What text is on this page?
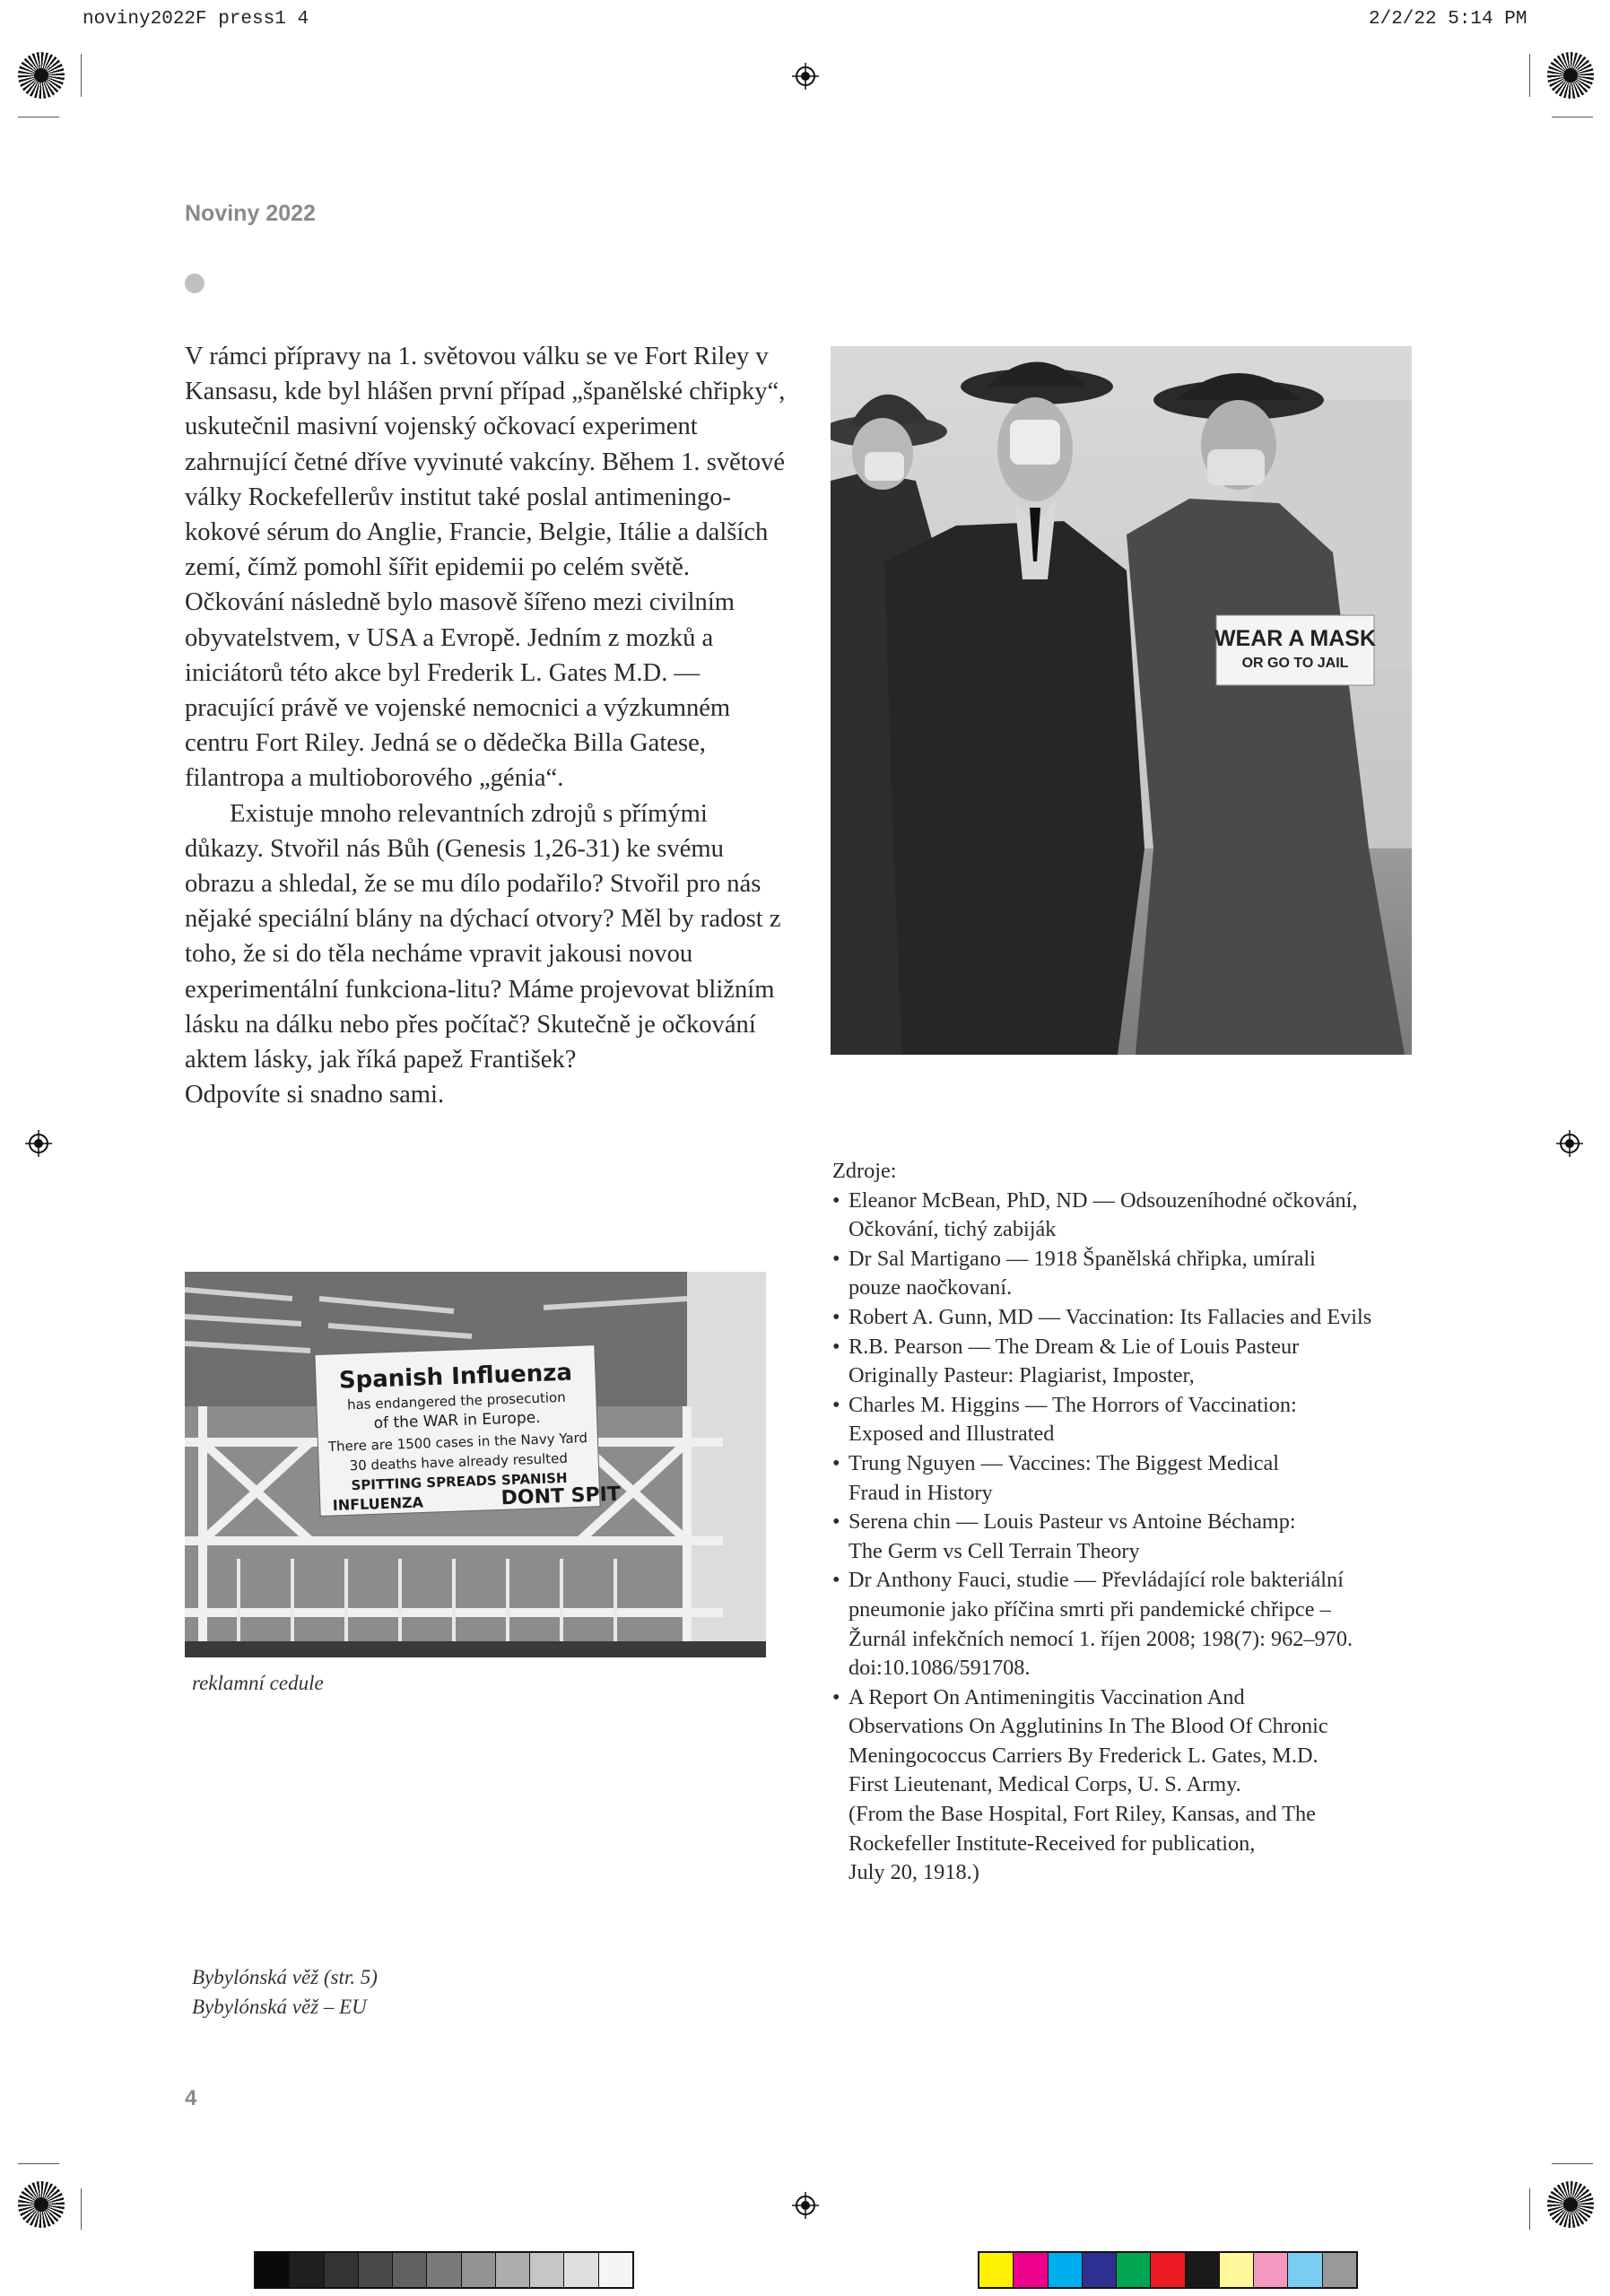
noviny2022F press1 4	2/2/22 5:14 PM
Noviny 2022

V rámci přípravy na 1. světovou válku se ve Fort Riley v Kansasu, kde byl hlášen první případ „španělské chřipky“, uskutečnil masivní vojenský očkovací experiment zahrnující četné dříve vyvinuté vakcíny. Během 1. světové války Rockefellerův institut také poslal antimeningo-kokové sérum do Anglie, Francie, Belgie, Itálie a dalších zemí, čímž pomohl šířit epidemii po celém světě. Očkování následně bylo masově šířeno mezi civilním obyvatelstvem, v USA a Evropě. Jedním z mozků a iniciátorů této akce byl Frederik L. Gates M.D. — pracující právě ve vojenské nemocnici a výzkumném centru Fort Riley. Jedná se o dědečka Billa Gatese, filantropa a multioborového „génia“.

Existuje mnoho relevantních zdrojů s přímými důkazy. Stvořil nás Bůh (Genesis 1,26-31) ke svému obrazu a shledal, že se mu dílo podařilo? Stvořil pro nás nějaké speciální blány na dýchací otvory? Měl by radost z toho, že si do těla necháme vpravit jakousi novou experimentální funkciona-litu? Máme projevovat bližním lásku na dálku nebo přes počítač? Skutečně je očkování aktem lásky, jak říká papež František?

Odpovíte si snadno sami.

WEAR A MASK
OR GO TO JAIL
Spanish Influenza
has endangered the prosecution
of the WAR in Europe.
There are 1500 cases in the Navy Yard
30 deaths have already resulted
SPITTING SPREADS SPANISH
INFLUENZA	DONT SPIT
reklamní cedule
Zdroje:
• Eleanor McBean, PhD, ND — Odsouzeníhodné očkování,
Očkování, tichý zabiják
• Dr Sal Martigano — 1918 Španělská chřipka, umírali
pouze naočkovaní.
• Robert A. Gunn, MD — Vaccination: Its Fallacies and Evils
• R.B. Pearson — The Dream & Lie of Louis Pasteur
Originally Pasteur: Plagiarist, Imposter,
• Charles M. Higgins — The Horrors of Vaccination:
Exposed and Illustrated
• Trung Nguyen — Vaccines: The Biggest Medical
Fraud in History
• Serena chin — Louis Pasteur vs Antoine Béchamp:
The Germ vs Cell Terrain Theory
• Dr Anthony Fauci, studie — Převládající role bakteriální
pneumonie jako příčina smrti při pandemické chřipce –
Žurnál infekčních nemocí 1. říjen 2008; 198(7): 962–970.
doi:10.1086/591708.
• A Report On Antimeningitis Vaccination And
Observations On Agglutinins In The Blood Of Chronic
Meningococcus Carriers By Frederick L. Gates, M.D.
First Lieutenant, Medical Corps, U. S. Army.
(From the Base Hospital, Fort Riley, Kansas, and The
Rockefeller Institute-Received for publication,
July 20, 1918.)
Bybylónská věž (str. 5)
Bybylónská věž – EU
4
